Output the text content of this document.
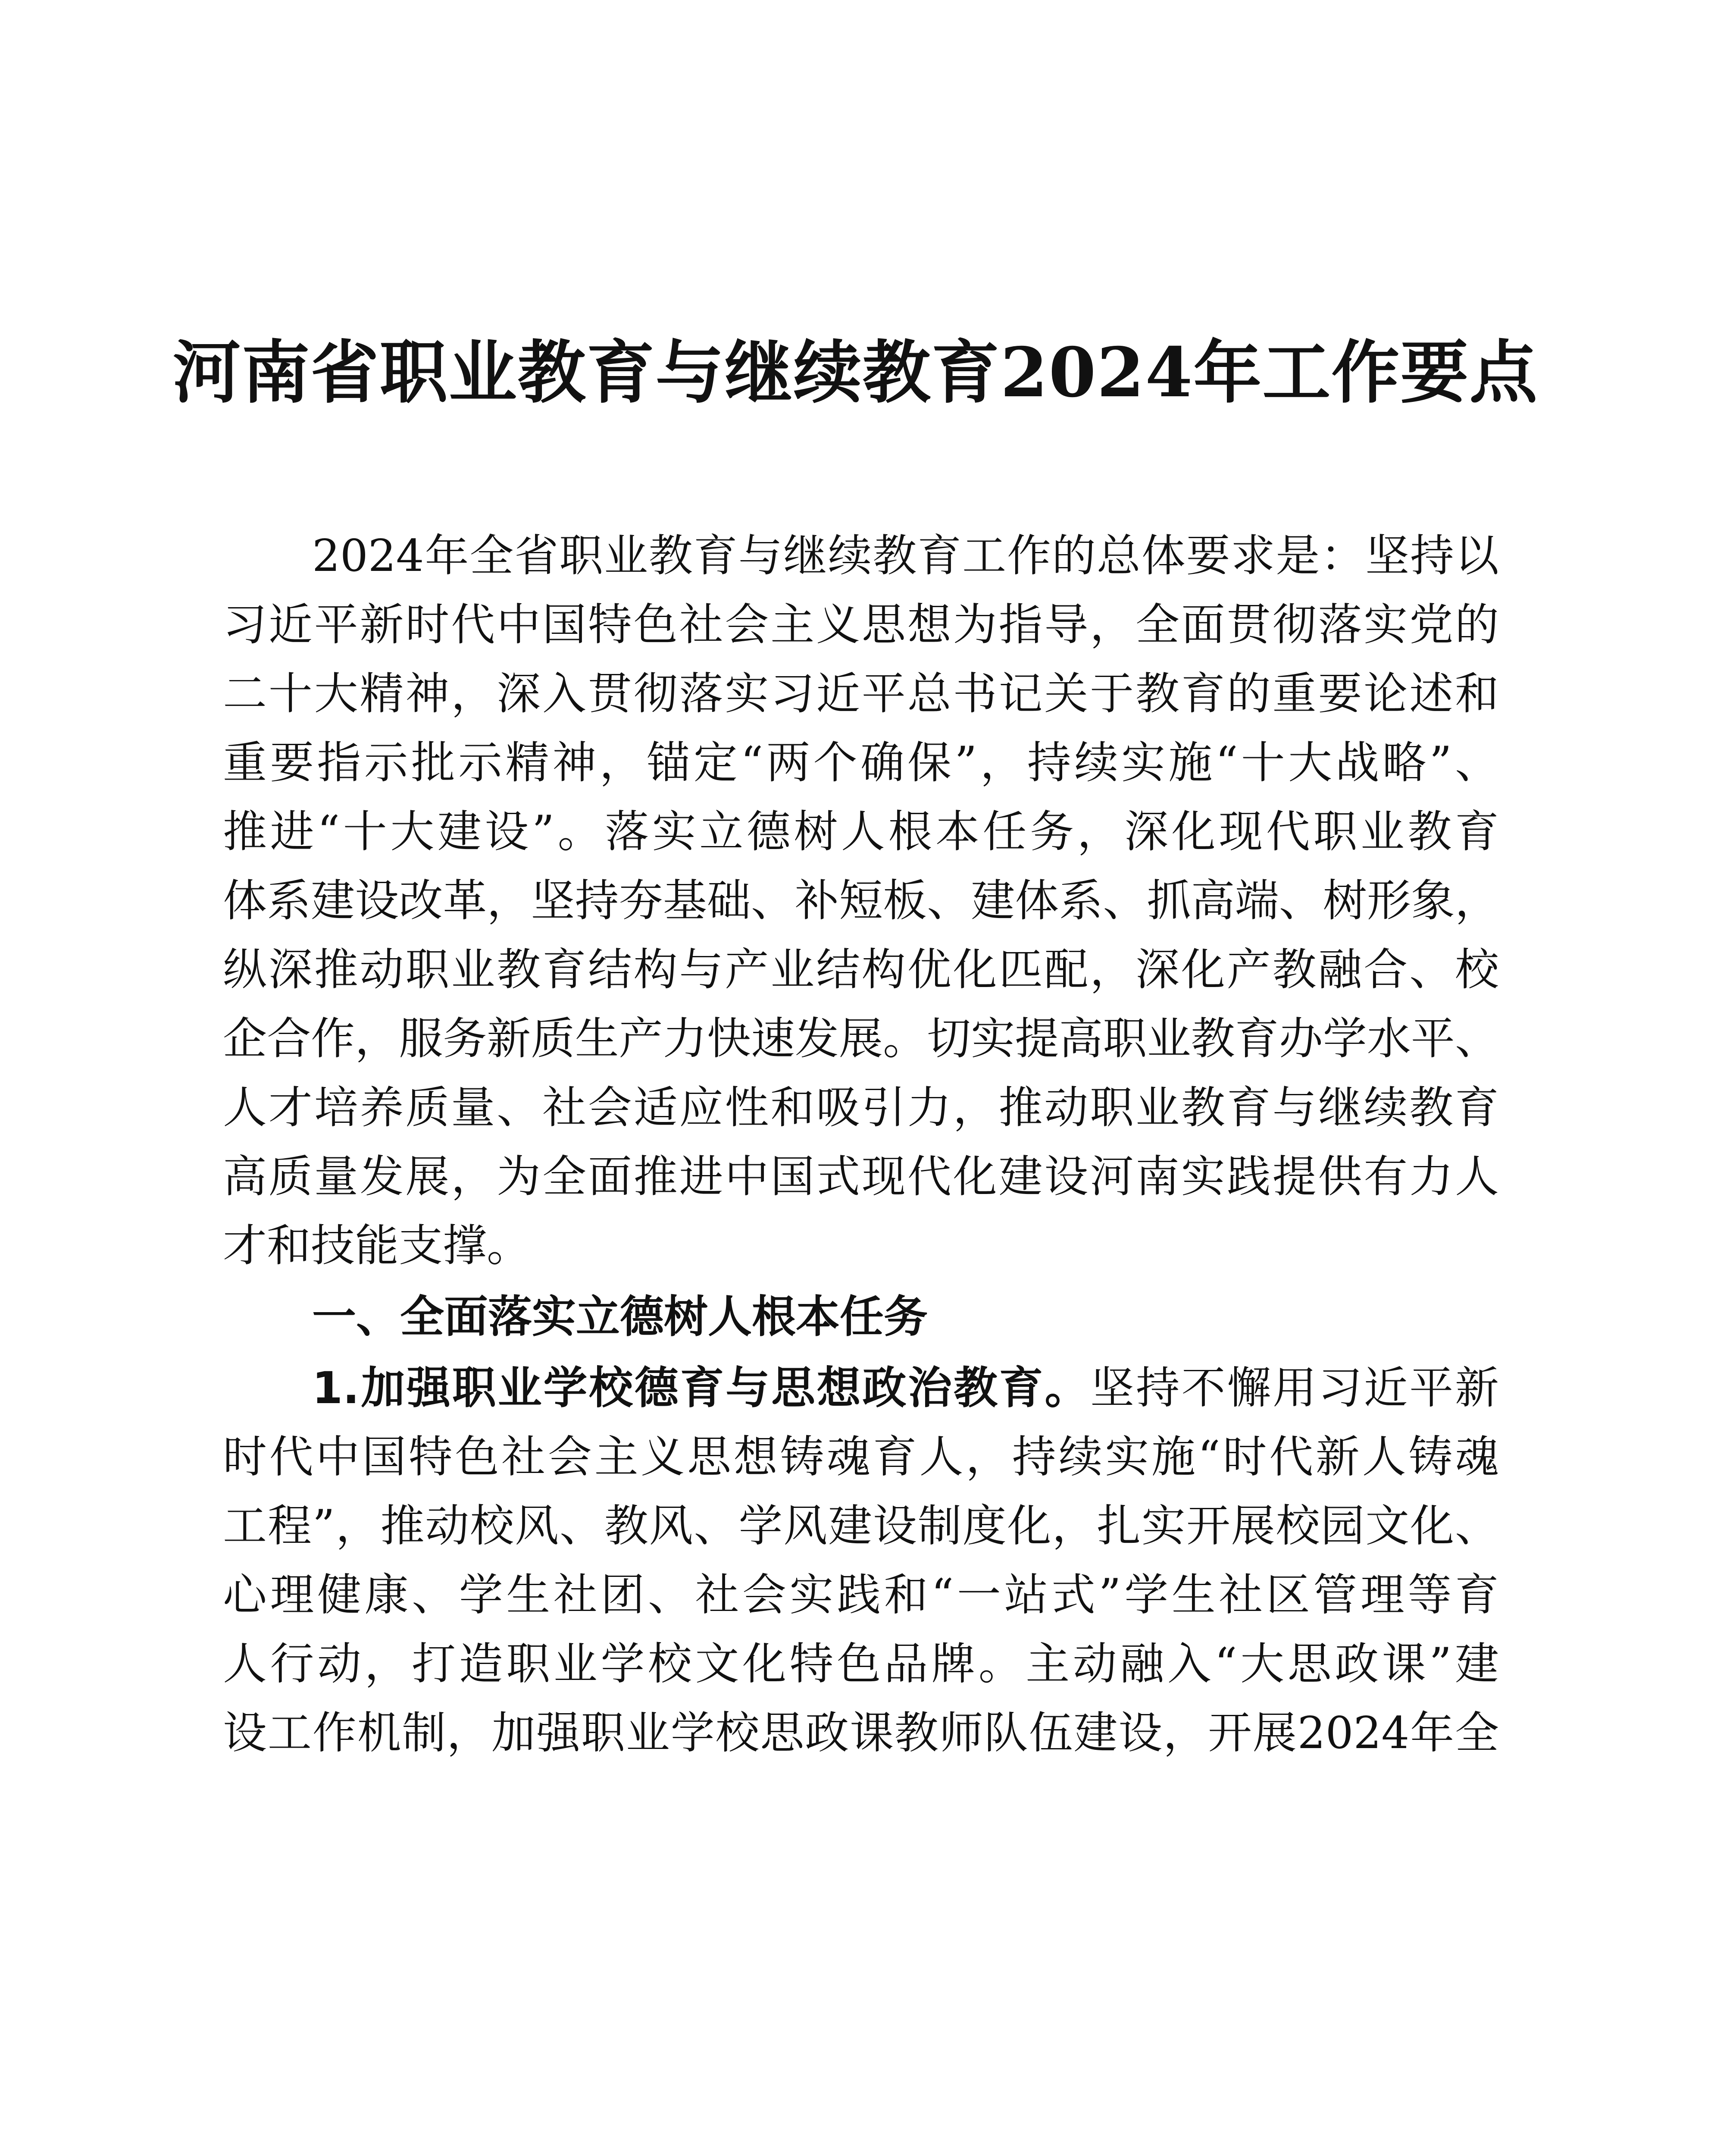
河南省职业教育与继续教育2024年工作要点
2024年全省职业教育与继续教育工作的总体要求是：坚持以
习近平新时代中国特色社会主义思想为指导，全面贯彻落实党的
二十大精神，深入贯彻落实习近平总书记关于教育的重要论述和
重要指示批示精神，锚定“两个确保”，持续实施“十大战略”、
推进“十大建设”。落实立德树人根本任务，深化现代职业教育
体系建设改革，坚持夯基础、补短板、建体系、抓高端、树形象，
纵深推动职业教育结构与产业结构优化匹配，深化产教融合、校
企合作，服务新质生产力快速发展。切实提高职业教育办学水平、
人才培养质量、社会适应性和吸引力，推动职业教育与继续教育
高质量发展，为全面推进中国式现代化建设河南实践提供有力人
才和技能支撑。
一、全面落实立德树人根本任务
1.加强职业学校德育与思想政治教育。坚持不懈用习近平新
时代中国特色社会主义思想铸魂育人，持续实施“时代新人铸魂
工程”，推动校风、教风、学风建设制度化，扎实开展校园文化、
心理健康、学生社团、社会实践和“一站式”学生社区管理等育
人行动，打造职业学校文化特色品牌。主动融入“大思政课”建
设工作机制，加强职业学校思政课教师队伍建设，开展2024年全
